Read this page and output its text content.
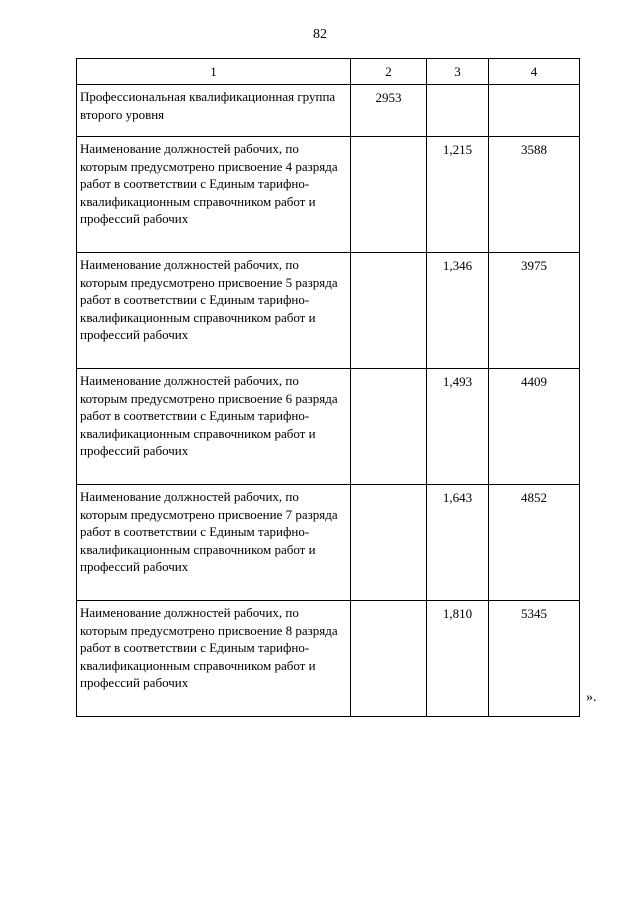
82
1	2	3	4
Профессиональная квалификационная группа второго уровня	2953		
Наименование должностей рабочих, по которым предусмотрено присвоение 4 разряда работ в соответствии с Единым тарифно-квалификационным справочником работ и профессий рабочих		1,215	3588
Наименование должностей рабочих, по которым предусмотрено присвоение 5 разряда работ в соответствии с Единым тарифно-квалификационным справочником работ и профессий рабочих		1,346	3975
Наименование должностей рабочих, по которым предусмотрено присвоение 6 разряда работ в соответствии с Единым тарифно-квалификационным справочником работ и профессий рабочих		1,493	4409
Наименование должностей рабочих, по которым предусмотрено присвоение 7 разряда работ в соответствии с Единым тарифно-квалификационным справочником работ и профессий рабочих		1,643	4852
Наименование должностей рабочих, по которым предусмотрено присвоение 8 разряда работ в соответствии с Единым тарифно-квалификационным справочником работ и профессий рабочих		1,810	5345
».
